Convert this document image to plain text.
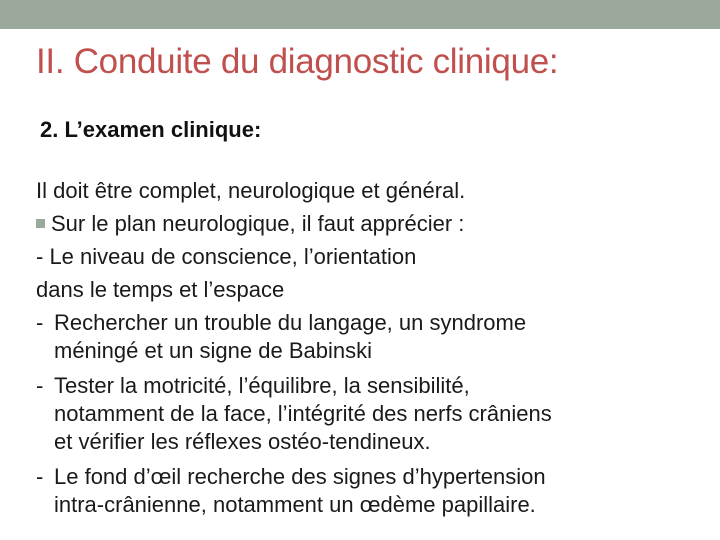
II. Conduite du diagnostic clinique:
2. L’examen clinique:
Il doit être complet, neurologique et général.
Sur le plan neurologique, il faut apprécier :
- Le niveau de conscience, l’orientation
dans le temps et l’espace
- Rechercher un trouble du langage, un syndrome
méningé et un signe de Babinski
- Tester la motricité, l’équilibre, la sensibilité,
notamment de la face, l’intégrité des nerfs crâniens
et vérifier les réflexes ostéo-tendineux.
- Le fond d’œil recherche des signes d’hypertension
intra-crânienne, notamment un œdème papillaire.
